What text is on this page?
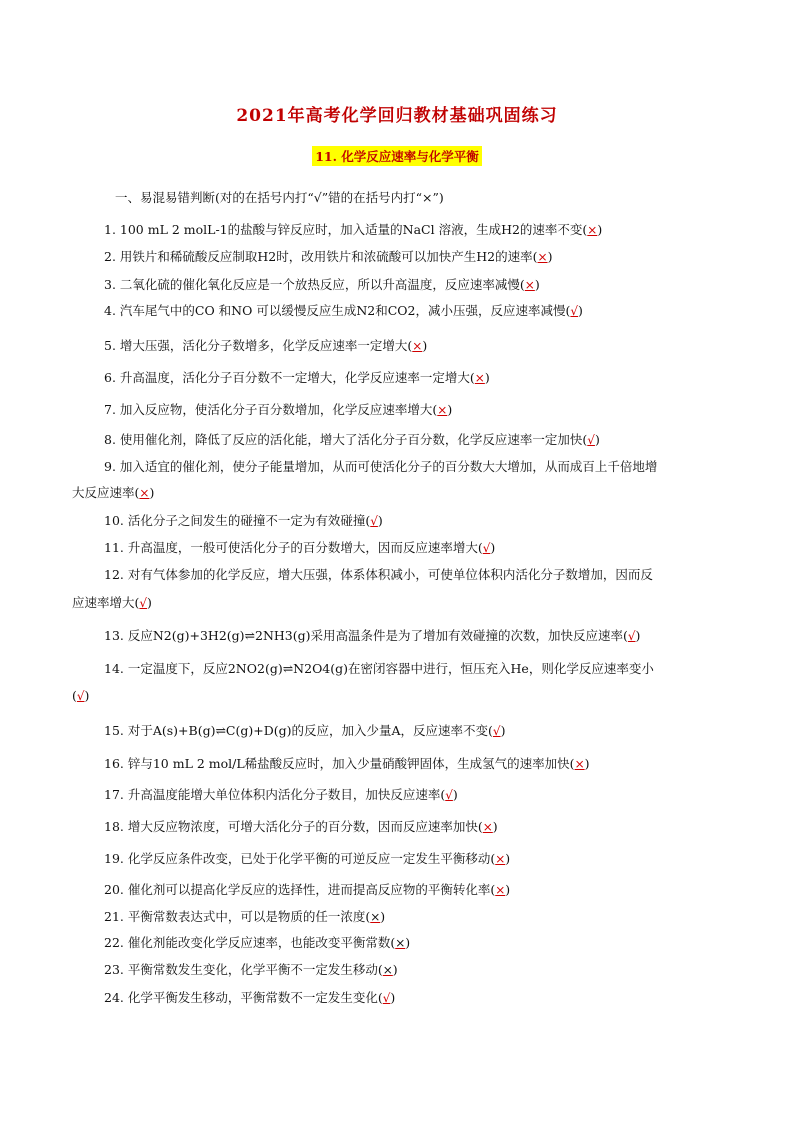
2021年高考化学回归教材基础巩固练习
11. 化学反应速率与化学平衡
一、易混易错判断(对的在括号内打“√”错的在括号内打“×”)
1. 100 mL 2 molL-1的盐酸与锌反应时，加入适量的NaCl 溶液，生成H2的速率不变(×)
2. 用铁片和稀硫酸反应制取H2时，改用铁片和浓硫酸可以加快产生H2的速率(×)
3. 二氧化硫的催化氧化反应是一个放热反应，所以升高温度，反应速率减慢(×)
4. 汽车尾气中的CO 和NO 可以缓慢反应生成N2和CO2，减小压强，反应速率减慢(√)
5. 增大压强，活化分子数增多，化学反应速率一定增大(×)
6. 升高温度，活化分子百分数不一定增大，化学反应速率一定增大(×)
7. 加入反应物，使活化分子百分数增加，化学反应速率增大(×)
8. 使用催化剂，降低了反应的活化能，增大了活化分子百分数，化学反应速率一定加快(√)
9. 加入适宜的催化剂，使分子能量增加，从而可使活化分子的百分数大大增加，从而成百上千倍地增
大反应速率(×)
10. 活化分子之间发生的碰撞不一定为有效碰撞(√)
11. 升高温度，一般可使活化分子的百分数增大，因而反应速率增大(√)
12. 对有气体参加的化学反应，增大压强，体系体积减小，可使单位体积内活化分子数增加，因而反
应速率增大(√)
13. 反应N2(g)+3H2(g)⇌2NH3(g)采用高温条件是为了增加有效碰撞的次数，加快反应速率(√)
14. 一定温度下，反应2NO2(g)⇌N2O4(g)在密闭容器中进行，恒压充入He，则化学反应速率变小
(√)
15. 对于A(s)+B(g)⇌C(g)+D(g)的反应，加入少量A，反应速率不变(√)
16. 锌与10 mL 2 mol/L稀盐酸反应时，加入少量硝酸钾固体，生成氢气的速率加快(×)
17. 升高温度能增大单位体积内活化分子数目，加快反应速率(√)
18. 增大反应物浓度，可增大活化分子的百分数，因而反应速率加快(×)
19. 化学反应条件改变，已处于化学平衡的可逆反应一定发生平衡移动(×)
20. 催化剂可以提高化学反应的选择性，进而提高反应物的平衡转化率(×)
21. 平衡常数表达式中，可以是物质的任一浓度(×)
22. 催化剂能改变化学反应速率，也能改变平衡常数(×)
23. 平衡常数发生变化，化学平衡不一定发生移动(×)
24. 化学平衡发生移动，平衡常数不一定发生变化(√)
